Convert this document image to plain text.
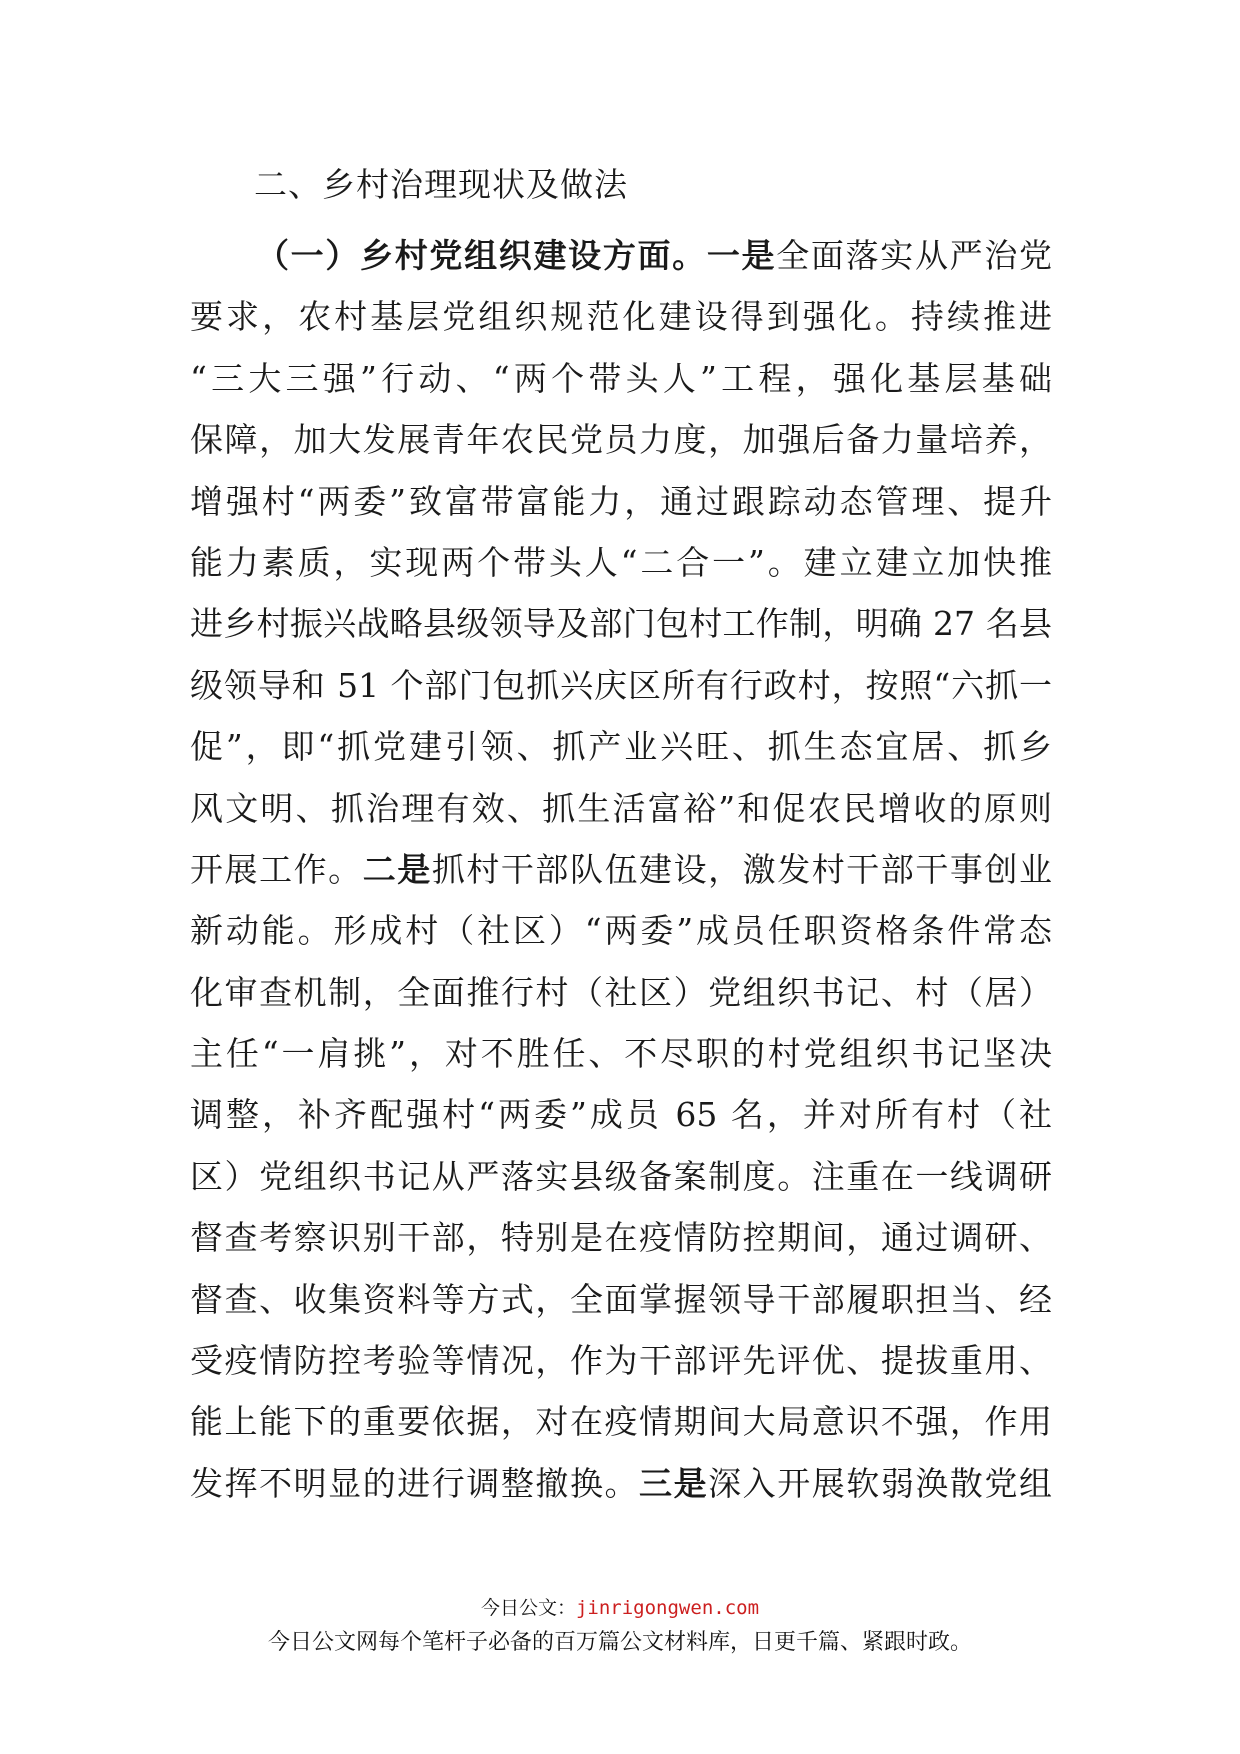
二、乡村治理现状及做法
（一）乡村党组织建设方面。一是全面落实从严治党
要求，农村基层党组织规范化建设得到强化。持续推进
“三大三强”行动、“两个带头人”工程，强化基层基础
保障，加大发展青年农民党员力度，加强后备力量培养，
增强村“两委”致富带富能力，通过跟踪动态管理、提升
能力素质，实现两个带头人“二合一”。建立建立加快推
进乡村振兴战略县级领导及部门包村工作制，明确 27 名县
级领导和 51 个部门包抓兴庆区所有行政村，按照“六抓一
促”，即“抓党建引领、抓产业兴旺、抓生态宜居、抓乡
风文明、抓治理有效、抓生活富裕”和促农民增收的原则
开展工作。二是抓村干部队伍建设，激发村干部干事创业
新动能。形成村（社区）“两委”成员任职资格条件常态
化审查机制，全面推行村（社区）党组织书记、村（居）
主任“一肩挑”，对不胜任、不尽职的村党组织书记坚决
调整，补齐配强村“两委”成员 65 名，并对所有村（社
区）党组织书记从严落实县级备案制度。注重在一线调研
督查考察识别干部，特别是在疫情防控期间，通过调研、
督查、收集资料等方式，全面掌握领导干部履职担当、经
受疫情防控考验等情况，作为干部评先评优、提拔重用、
能上能下的重要依据，对在疫情期间大局意识不强，作用
发挥不明显的进行调整撤换。三是深入开展软弱涣散党组
今日公文：jinrigongwen.com
今日公文网每个笔杆子必备的百万篇公文材料库，日更千篇、紧跟时政。
